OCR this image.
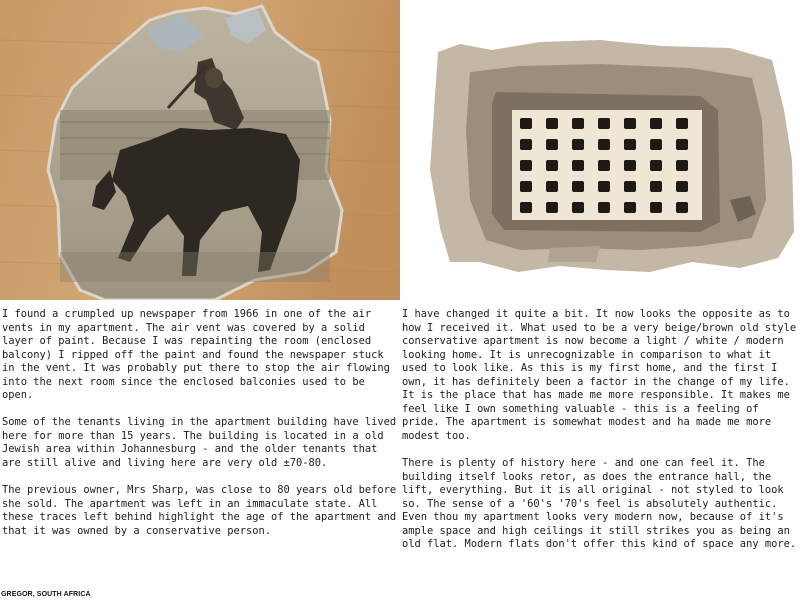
I found a crumpled up newspaper from 1966 in one of the air vents in my apartment. The air vent was covered by a solid layer of paint. Because I was repainting the room (enclosed balcony) I ripped off the paint and found the newspaper stuck in the vent. It was probably put there to stop the air flowing into the next room since the enclosed balconies used to be open.

Some of the tenants living in the apartment building have lived here for more than 15 years. The building is located in a old Jewish area within Johannesburg - and the older tenants that are still alive and living here are very old ±70-80.

The previous owner, Mrs Sharp, was close to 80 years old before she sold. The apartment was left in an immaculate state. All these traces left behind highlight the age of the apartment and that it was owned by a conservative person.

I have changed it quite a bit. It now looks the opposite as to how I received it. What used to be a very beige/brown old style conservative apartment is now become a light / white / modern looking home. It is unrecognizable in comparison to what it used to look like. As this is my first home, and the first I own, it has definitely been a factor in the change of my life. It is the place that has made me more responsible. It makes me feel like I own something valuable - this is a feeling of pride. The apartment is somewhat modest and ha made me more modest too.

There is plenty of history here - and one can feel it. The building itself looks retor, as does the entrance hall, the lift, everything. But it is all original - not styled to look so. The sense of a '60's '70's feel is absolutely authentic. Even thou my apartment looks very modern now, because of it's ample space and high ceilings it still strikes you as being an old flat. Modern flats don't offer this kind of space any more.

GREGOR, SOUTH AFRICA
